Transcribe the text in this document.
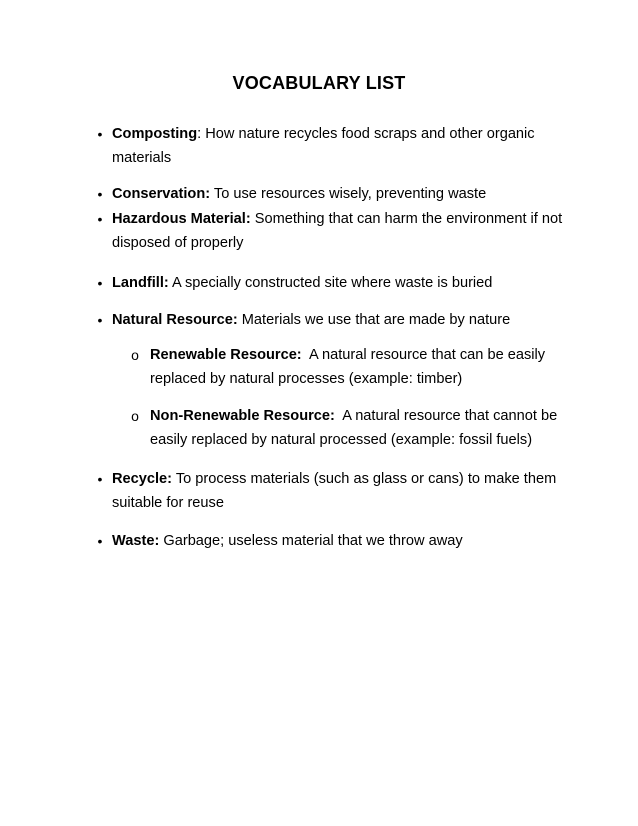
VOCABULARY LIST
• Composting: How nature recycles food scraps and other organic materials
• Conservation: To use resources wisely, preventing waste
• Hazardous Material: Something that can harm the environment if not disposed of properly
• Landfill: A specially constructed site where waste is buried
• Natural Resource: Materials we use that are made by nature
o Renewable Resource:  A natural resource that can be easily replaced by natural processes (example: timber)
o Non-Renewable Resource:  A natural resource that cannot be easily replaced by natural processed (example: fossil fuels)
• Recycle: To process materials (such as glass or cans) to make them suitable for reuse
• Waste: Garbage; useless material that we throw away
